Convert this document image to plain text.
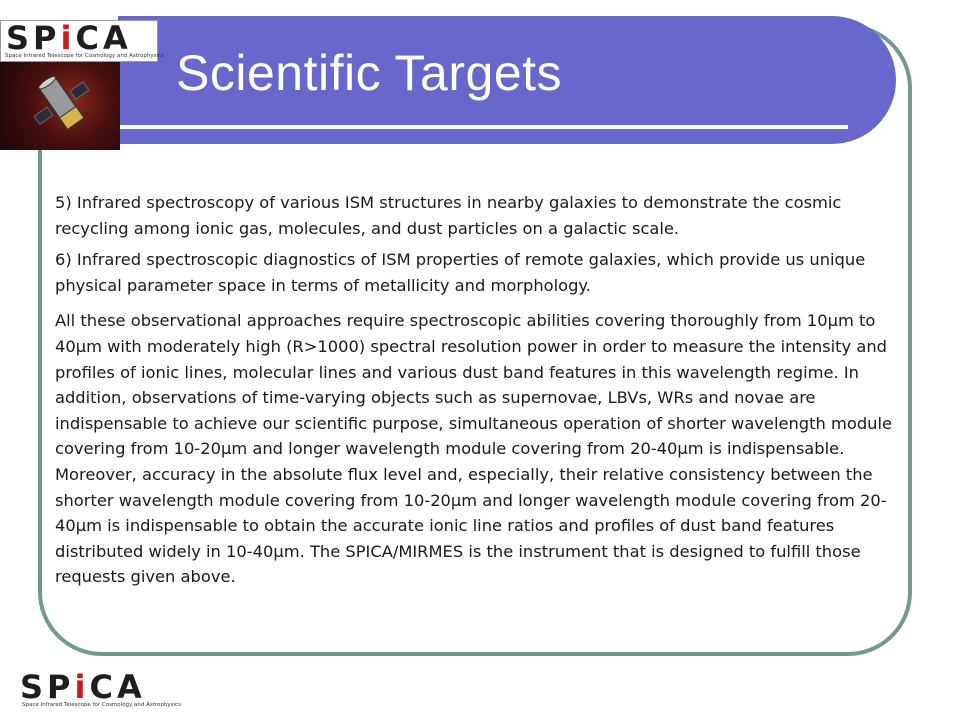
Scientific Targets
SPiCA
Space Infrared Telescope for Cosmology and Astrophysics

5) Infrared spectroscopy of various ISM structures in nearby galaxies to demonstrate the cosmic recycling among ionic gas, molecules, and dust particles on a galactic scale.

6) Infrared spectroscopic diagnostics of ISM properties of remote galaxies, which provide us unique physical parameter space in terms of metallicity and morphology.

All these observational approaches require spectroscopic abilities covering thoroughly from 10μm to 40μm with moderately high (R>1000) spectral resolution power in order to measure the intensity and profiles of ionic lines, molecular lines and various dust band features in this wavelength regime. In addition, observations of time-varying objects such as supernovae, LBVs, WRs and novae are indispensable to achieve our scientific purpose, simultaneous operation of shorter wavelength module covering from 10-20μm and longer wavelength module covering from 20-40μm is indispensable. Moreover, accuracy in the absolute flux level and, especially, their relative consistency between the shorter wavelength module covering from 10-20μm and longer wavelength module covering from 20-40μm is indispensable to obtain the accurate ionic line ratios and profiles of dust band features distributed widely in 10-40μm. The SPICA/MIRMES is the instrument that is designed to fulfill those requests given above.

SPiCA
Space Infrared Telescope for Cosmology and Astrophysics
